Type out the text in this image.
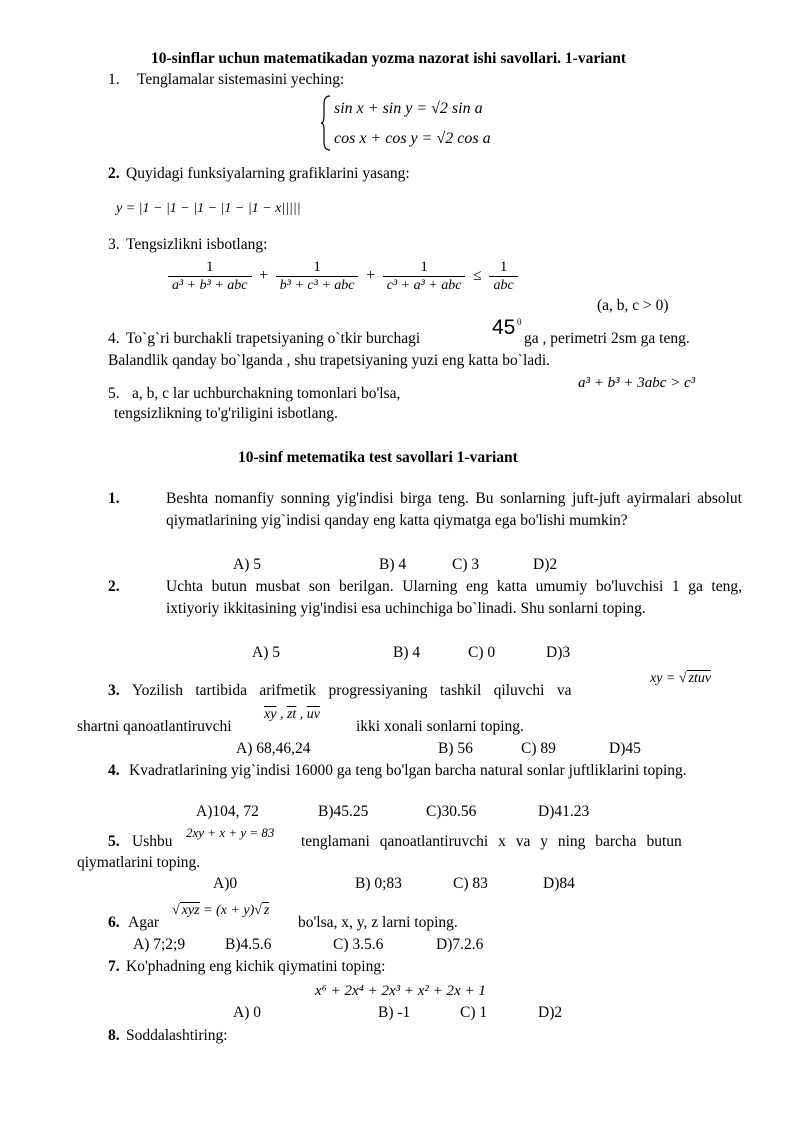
10-sinflar uchun matematikadan yozma nazorat ishi savollari. 1-variant
1. Tenglamalar sistemasini yeching:
sin x + sin y = √2 sin a
cos x + cos y = √2 cos a
2. Quyidagi funksiyalarning grafiklarini yasang:
y = |1 − |1 − |1 − |1 − |1 − x|||||
3. Tengsizlikni isbotlang:
$\frac{1}{\text{a³ + b³ + abc}} + \frac{1}{\text{b³ + c³ + abc}} + \frac{1}{\text{c³ + a³ + abc}} \le \frac{1}{\text{abc}}$
(a, b, c > 0)
4. To`g`ri burchakli trapetsiyaning o`tkir burchagi	45 0
ga , perimetri 2sm ga teng.
Balandlik qanday bo`lganda , shu trapetsiyaning yuzi eng katta bo`ladi.
5. a, b, c lar uchburchakning tomonlari bo'lsa,
a³ + b³ + 3abc > c³
tengsizlikning to'g'riligini isbotlang.
10-sinf metematika test savollari 1-variant
1.	Beshta nomanfiy sonning yig'indisi birga teng. Bu sonlarning juft-juft ayirmalari absolut qiymatlarining yig`indisi qanday eng katta qiymatga ega bo'lishi mumkin?
A) 5	B) 4	C) 3	D)2
2.	Uchta butun musbat son berilgan. Ularning eng katta umumiy bo'luvchisi 1 ga teng, ixtiyoriy ikkitasining yig'indisi esa uchinchiga bo`linadi. Shu sonlarni toping.
A) 5	B) 4	C) 0	D)3
3. Yozilish tartibida arifmetik progressiyaning tashkil qiluvchi va
xy = √ ztuv
shartni qanoatlantiruvchi
$\overline{xy}$ , $\overline{zt}$ , $\overline{uv}$
ikki xonali sonlarni toping.
A) 68,46,24	B) 56	C) 89	D)45
4. Kvadratlarining yig`indisi 16000 ga teng bo'lgan barcha natural sonlar juftliklarini toping.
A)104, 72	B)45.25	C)30.56	D)41.23
5. Ushbu
2xy + x + y = 83
tenglamani qanoatlantiruvchi x va y ning barcha butun
qiymatlarini toping.
A)0	B) 0;83	C) 83	D)84
6. Agar
√ xyz = (x + y)√ z
bo'lsa, x, y, z larni toping.
A) 7;2;9	B)4.5.6	C) 3.5.6	D)7.2.6
7. Ko'phadning eng kichik qiymatini toping:
x⁶ + 2x⁴ + 2x³ + x² + 2x + 1
A) 0	B) -1	C) 1	D)2
8. Soddalashtiring:
